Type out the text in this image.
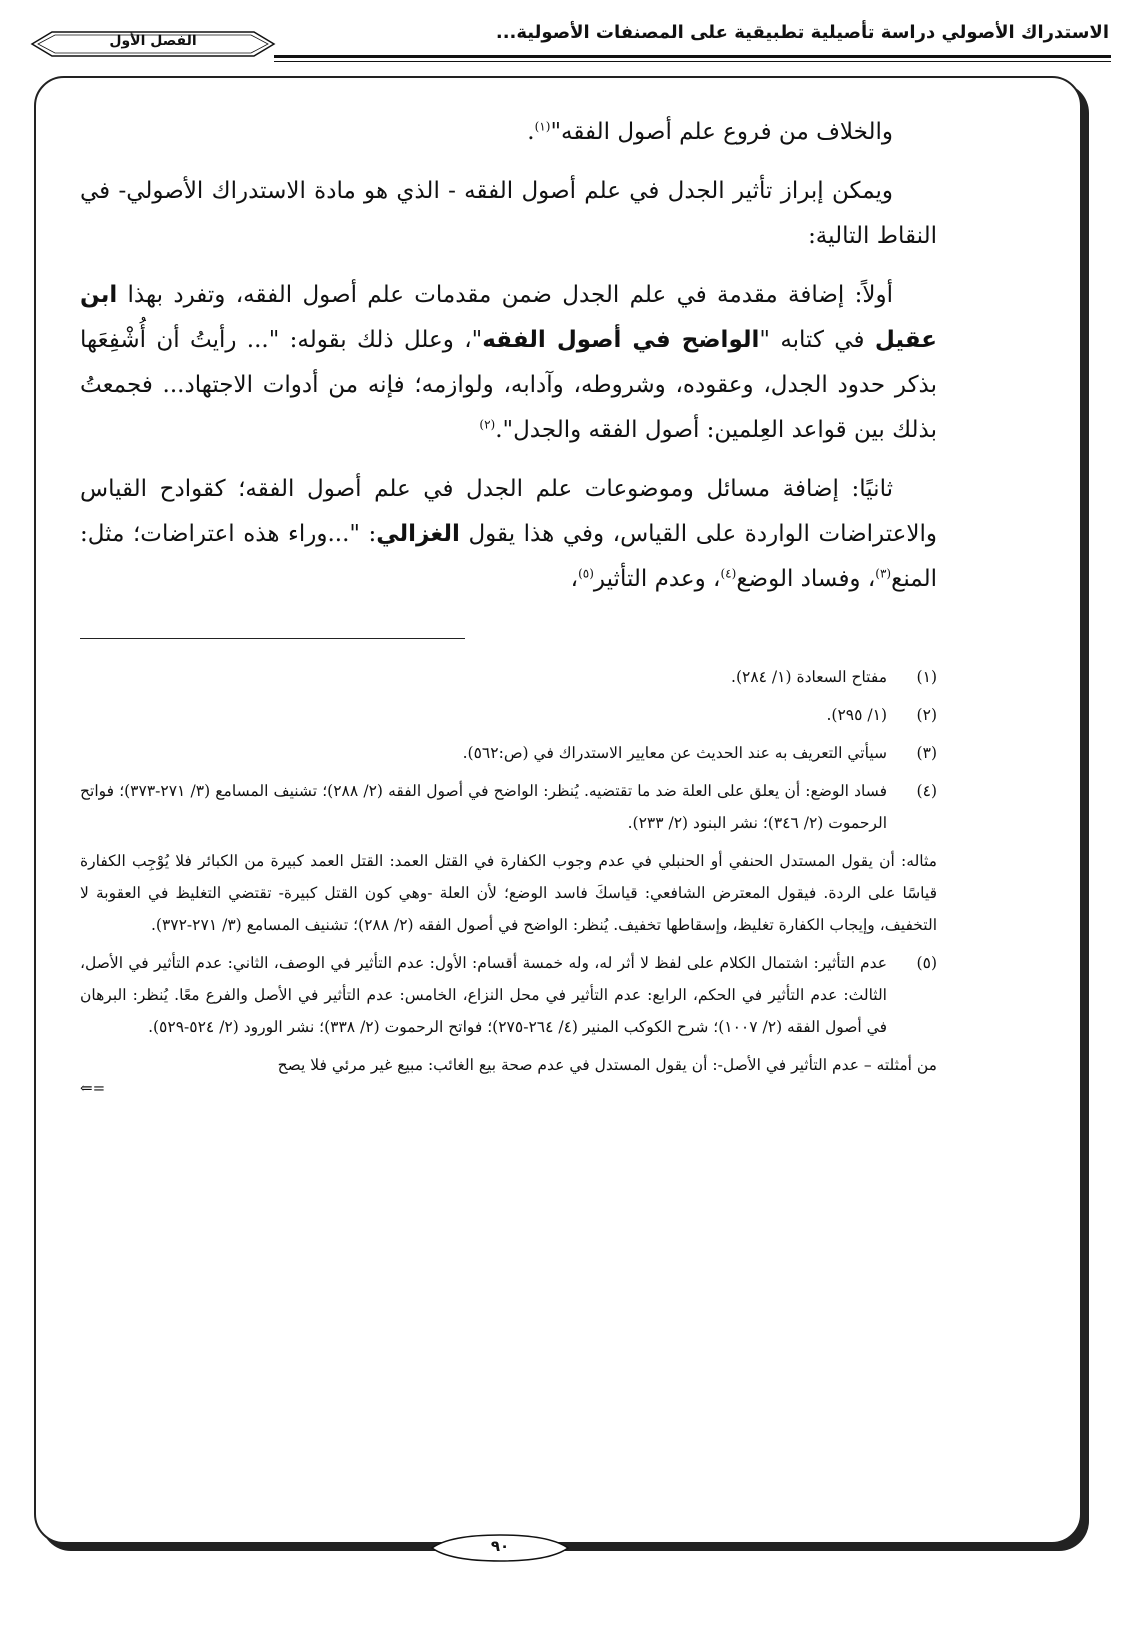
الاستدراك الأصولي دراسة تأصيلية تطبيقية على المصنفات الأصولية...
الفصل الأول

والخلاف من فروع علم أصول الفقه"$^{(١)}$.

ويمكن إبراز تأثير الجدل في علم أصول الفقه - الذي هو مادة الاستدراك الأصولي- في النقاط التالية:

أولاً: إضافة مقدمة في علم الجدل ضمن مقدمات علم أصول الفقه، وتفرد بهذا ابن عقيل في كتابه "الواضح في أصول الفقه"، وعلل ذلك بقوله: "... رأيتُ أن أُشْفِعَها بذكر حدود الجدل، وعقوده، وشروطه، وآدابه، ولوازمه؛ فإنه من أدوات الاجتهاد... فجمعتُ بذلك بين قواعد العِلمين: أصول الفقه والجدل".$^{(٢)}$

ثانيًا: إضافة مسائل وموضوعات علم الجدل في علم أصول الفقه؛ كقوادح القياس والاعتراضات الواردة على القياس، وفي هذا يقول الغزالي: "...وراء هذه اعتراضات؛ مثل: المنع$^{(٣)}$، وفساد الوضع$^{(٤)}$، وعدم التأثير$^{(٥)}$،

(١)
مفتاح السعادة (١/ ٢٨٤).
(٢)
(١/ ٢٩٥).
(٣)
سيأتي التعريف به عند الحديث عن معايير الاستدراك في (ص:٥٦٢).
(٤)
فساد الوضع: أن يعلق على العلة ضد ما تقتضيه. يُنظر: الواضح في أصول الفقه (٢/ ٢٨٨)؛ تشنيف المسامع (٣/ ٢٧١-٣٧٣)؛ فواتح الرحموت (٢/ ٣٤٦)؛ نشر البنود (٢/ ٢٣٣).
مثاله: أن يقول المستدل الحنفي أو الحنبلي في عدم وجوب الكفارة في القتل العمد: القتل العمد كبيرة من الكبائر فلا يُوْجِب الكفارة قياسًا على الردة. فيقول المعترض الشافعي: قياسكَ فاسد الوضع؛ لأن العلة -وهي كون القتل كبيرة- تقتضي التغليظ في العقوبة لا التخفيف، وإيجاب الكفارة تغليظ، وإسقاطها تخفيف. يُنظر: الواضح في أصول الفقه (٢/ ٢٨٨)؛ تشنيف المسامع (٣/ ٢٧١-٣٧٢).
(٥)
عدم التأثير: اشتمال الكلام على لفظ لا أثر له، وله خمسة أقسام: الأول: عدم التأثير في الوصف، الثاني: عدم التأثير في الأصل، الثالث: عدم التأثير في الحكم، الرابع: عدم التأثير في محل النزاع، الخامس: عدم التأثير في الأصل والفرع معًا. يُنظر: البرهان في أصول الفقه (٢/ ١٠٠٧)؛ شرح الكوكب المنير (٤/ ٢٦٤-٢٧٥)؛ فواتح الرحموت (٢/ ٣٣٨)؛ نشر الورود (٢/ ٥٢٤-٥٢٩).
من أمثلته – عدم التأثير في الأصل-: أن يقول المستدل في عدم صحة بيع الغائب: مبيع غير مرئي فلا يصح
=⇐
٩٠
